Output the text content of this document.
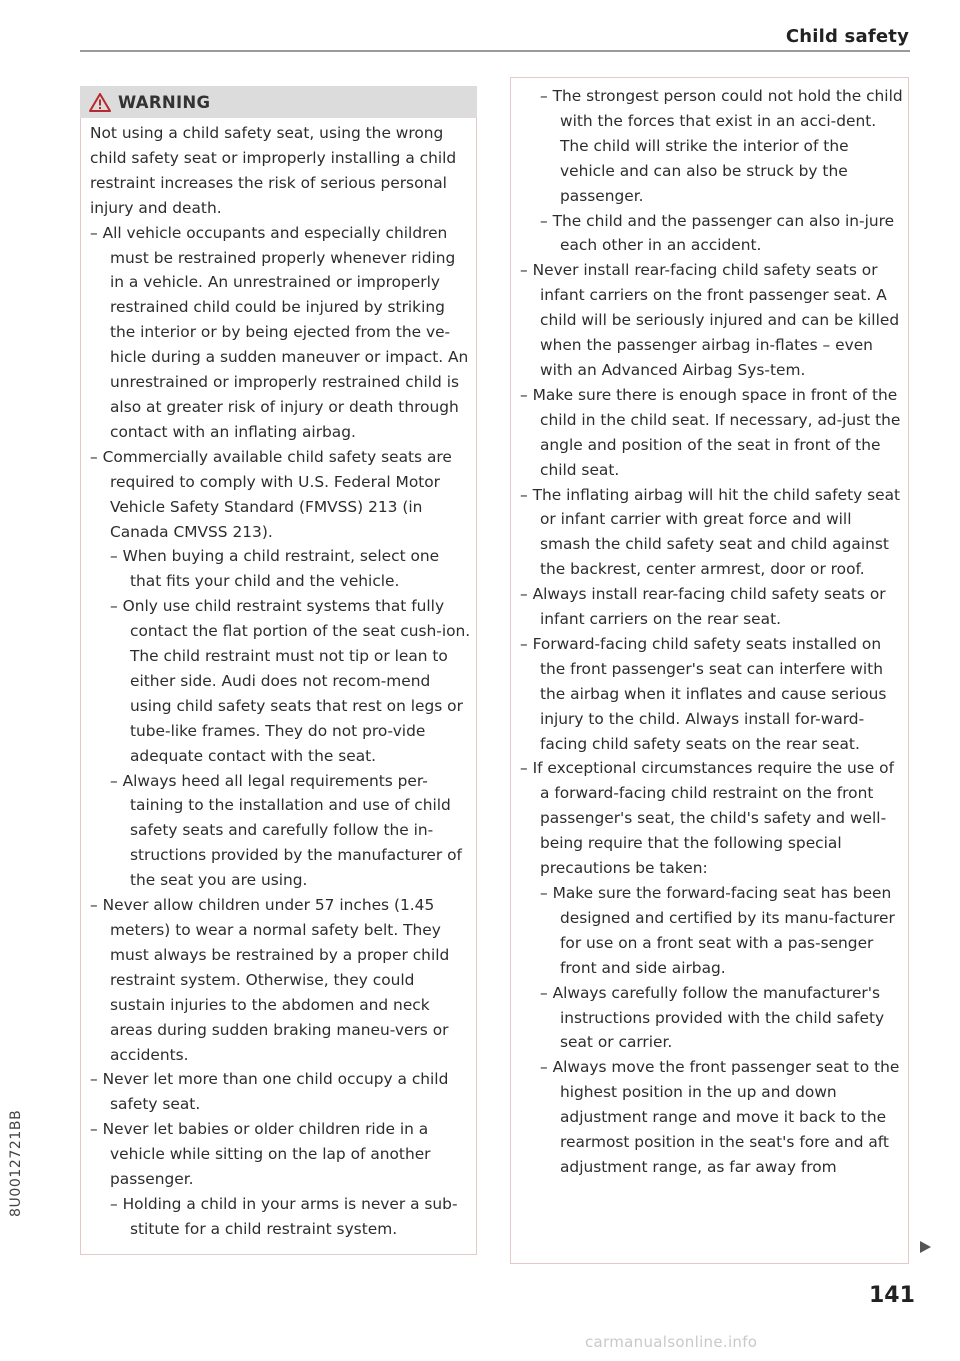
Child safety
WARNING

Not using a child safety seat, using the wrong child safety seat or improperly installing a child restraint increases the risk of serious personal injury and death.

– All vehicle occupants and especially children must be restrained properly whenever riding in a vehicle. An unrestrained or improperly restrained child could be injured by striking the interior or by being ejected from the ve-hicle during a sudden maneuver or impact. An unrestrained or improperly restrained child is also at greater risk of injury or death through contact with an inflating airbag.

– Commercially available child safety seats are required to comply with U.S. Federal Motor Vehicle Safety Standard (FMVSS) 213 (in Canada CMVSS 213).

– When buying a child restraint, select one that fits your child and the vehicle.

– Only use child restraint systems that fully contact the flat portion of the seat cush-ion. The child restraint must not tip or lean to either side. Audi does not recom-mend using child safety seats that rest on legs or tube-like frames. They do not pro-vide adequate contact with the seat.

– Always heed all legal requirements per-taining to the installation and use of child safety seats and carefully follow the in-structions provided by the manufacturer of the seat you are using.

– Never allow children under 57 inches (1.45 meters) to wear a normal safety belt. They must always be restrained by a proper child restraint system. Otherwise, they could sustain injuries to the abdomen and neck areas during sudden braking maneu-vers or accidents.

– Never let more than one child occupy a child safety seat.

– Never let babies or older children ride in a vehicle while sitting on the lap of another passenger.

– Holding a child in your arms is never a sub-stitute for a child restraint system.

– The strongest person could not hold the child with the forces that exist in an acci-dent. The child will strike the interior of the vehicle and can also be struck by the passenger.

– The child and the passenger can also in-jure each other in an accident.

– Never install rear-facing child safety seats or infant carriers on the front passenger seat. A child will be seriously injured and can be killed when the passenger airbag in-flates – even with an Advanced Airbag Sys-tem.

– Make sure there is enough space in front of the child in the child seat. If necessary, ad-just the angle and position of the seat in front of the child seat.

– The inflating airbag will hit the child safety seat or infant carrier with great force and will smash the child safety seat and child against the backrest, center armrest, door or roof.

– Always install rear-facing child safety seats or infant carriers on the rear seat.

– Forward-facing child safety seats installed on the front passenger's seat can interfere with the airbag when it inflates and cause serious injury to the child. Always install for-ward-facing child safety seats on the rear seat.

– If exceptional circumstances require the use of a forward-facing child restraint on the front passenger's seat, the child's safety and well-being require that the following special precautions be taken:

– Make sure the forward-facing seat has been designed and certified by its manu-facturer for use on a front seat with a pas-senger front and side airbag.

– Always carefully follow the manufacturer's instructions provided with the child safety seat or carrier.

– Always move the front passenger seat to the highest position in the up and down adjustment range and move it back to the rearmost position in the seat's fore and aft adjustment range, as far away from

8U0012721BB
141
carmanualsonline.info
